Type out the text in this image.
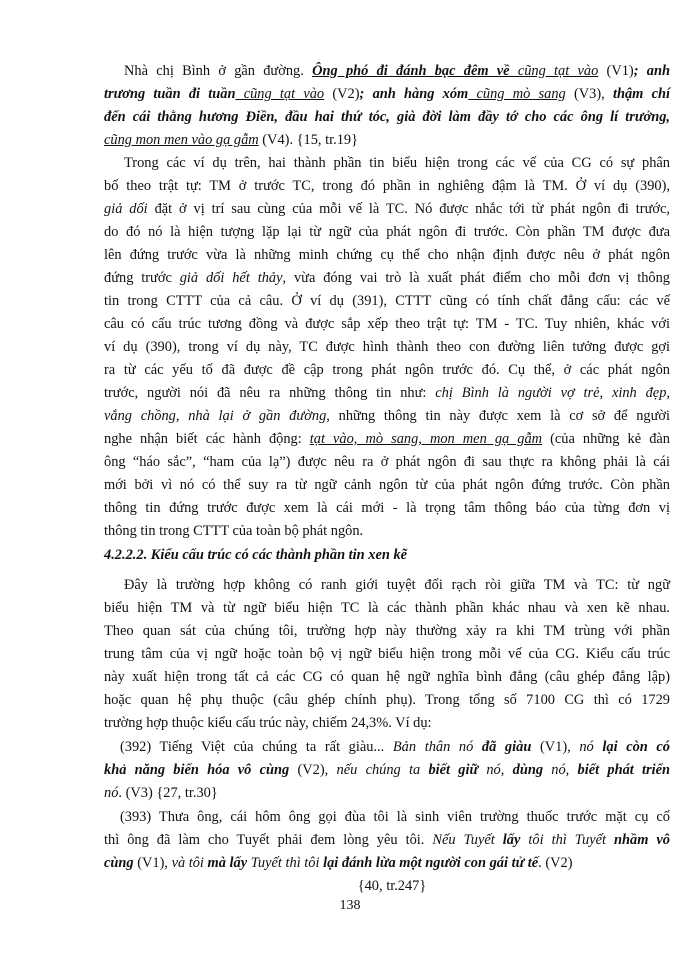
Nhà chị Bình ở gần đường. Ông phó đi đánh bạc đêm về cũng tạt vào (V1); anh
trương tuần đi tuần cũng tạt vào (V2); anh hàng xóm cũng mò sang (V3), thậm chí
đến cái thằng hương Điền, đầu hai thứ tóc, già đời làm đầy tớ cho các ông lí trưởng,
cũng mon men vào gạ gẫm (V4). {15, tr.19}
Trong các ví dụ trên, hai thành phần tin biểu hiện trong các vế của CG có sự phân
bố theo trật tự: TM ở trước TC, trong đó phần in nghiêng đậm là TM. Ở ví dụ (390),
giả dối đặt ở vị trí sau cùng của mỗi vế là TC. Nó được nhắc tới từ phát ngôn đi trước,
do đó nó là hiện tượng lặp lại từ ngữ của phát ngôn đi trước. Còn phần TM được đưa
lên đứng trước vừa là những minh chứng cụ thể cho nhận định được nêu ở phát ngôn
đứng trước giả dối hết thảy, vừa đóng vai trò là xuất phát điểm cho mỗi đơn vị thông
tin trong CTTT của cả câu. Ở ví dụ (391), CTTT cũng có tính chất đẳng cấu: các vế
câu có cấu trúc tương đồng và được sắp xếp theo trật tự: TM - TC. Tuy nhiên, khác với
ví dụ (390), trong ví dụ này, TC được hình thành theo con đường liên tưởng được gợi
ra từ các yếu tố đã được đề cập trong phát ngôn trước đó. Cụ thể, ở các phát ngôn
trước, người nói đã nêu ra những thông tin như: chị Bình là người vợ trẻ, xinh đẹp,
vắng chồng, nhà lại ở gần đường, những thông tin này được xem là cơ sở để người
nghe nhận biết các hành động: tạt vào, mò sang, mon men gạ gẫm (của những kẻ đàn
ông “háo sắc”, “ham của lạ”) được nêu ra ở phát ngôn đi sau thực ra không phải là cái
mới bởi vì nó có thể suy ra từ ngữ cảnh ngôn từ của phát ngôn đứng trước. Còn phần
thông tin đứng trước được xem là cái mới - là trọng tâm thông báo của từng đơn vị
thông tin trong CTTT của toàn bộ phát ngôn.
4.2.2.2. Kiểu cấu trúc có các thành phần tin xen kẽ
Đây là trường hợp không có ranh giới tuyệt đối rạch ròi giữa TM và TC: từ ngữ
biểu hiện TM và từ ngữ biểu hiện TC là các thành phần khác nhau và xen kẽ nhau.
Theo quan sát của chúng tôi, trường hợp này thường xảy ra khi TM trùng với phần
trung tâm của vị ngữ hoặc toàn bộ vị ngữ biểu hiện trong mỗi vế của CG. Kiểu cấu trúc
này xuất hiện trong tất cả các CG có quan hệ ngữ nghĩa bình đẳng (câu ghép đẳng lập)
hoặc quan hệ phụ thuộc (câu ghép chính phụ). Trong tổng số 7100 CG thì có 1729
trường hợp thuộc kiểu cấu trúc này, chiếm 24,3%. Ví dụ:
(392) Tiếng Việt của chúng ta rất giàu... Bản thân nó đã giàu (V1), nó lại còn có
khả năng biến hóa vô cùng (V2), nếu chúng ta biết giữ nó, dùng nó, biết phát triển
nó. (V3) {27, tr.30}
(393) Thưa ông, cái hôm ông gọi đùa tôi là sinh viên trường thuốc trước mặt cụ cố
thì ông đã làm cho Tuyết phải đem lòng yêu tôi. Nếu Tuyết lấy tôi thì Tuyết nhầm vô
cùng (V1), và tôi mà lấy Tuyết thì tôi lại đánh lừa một người con gái tử tế. (V2)
{40, tr.247}
138
